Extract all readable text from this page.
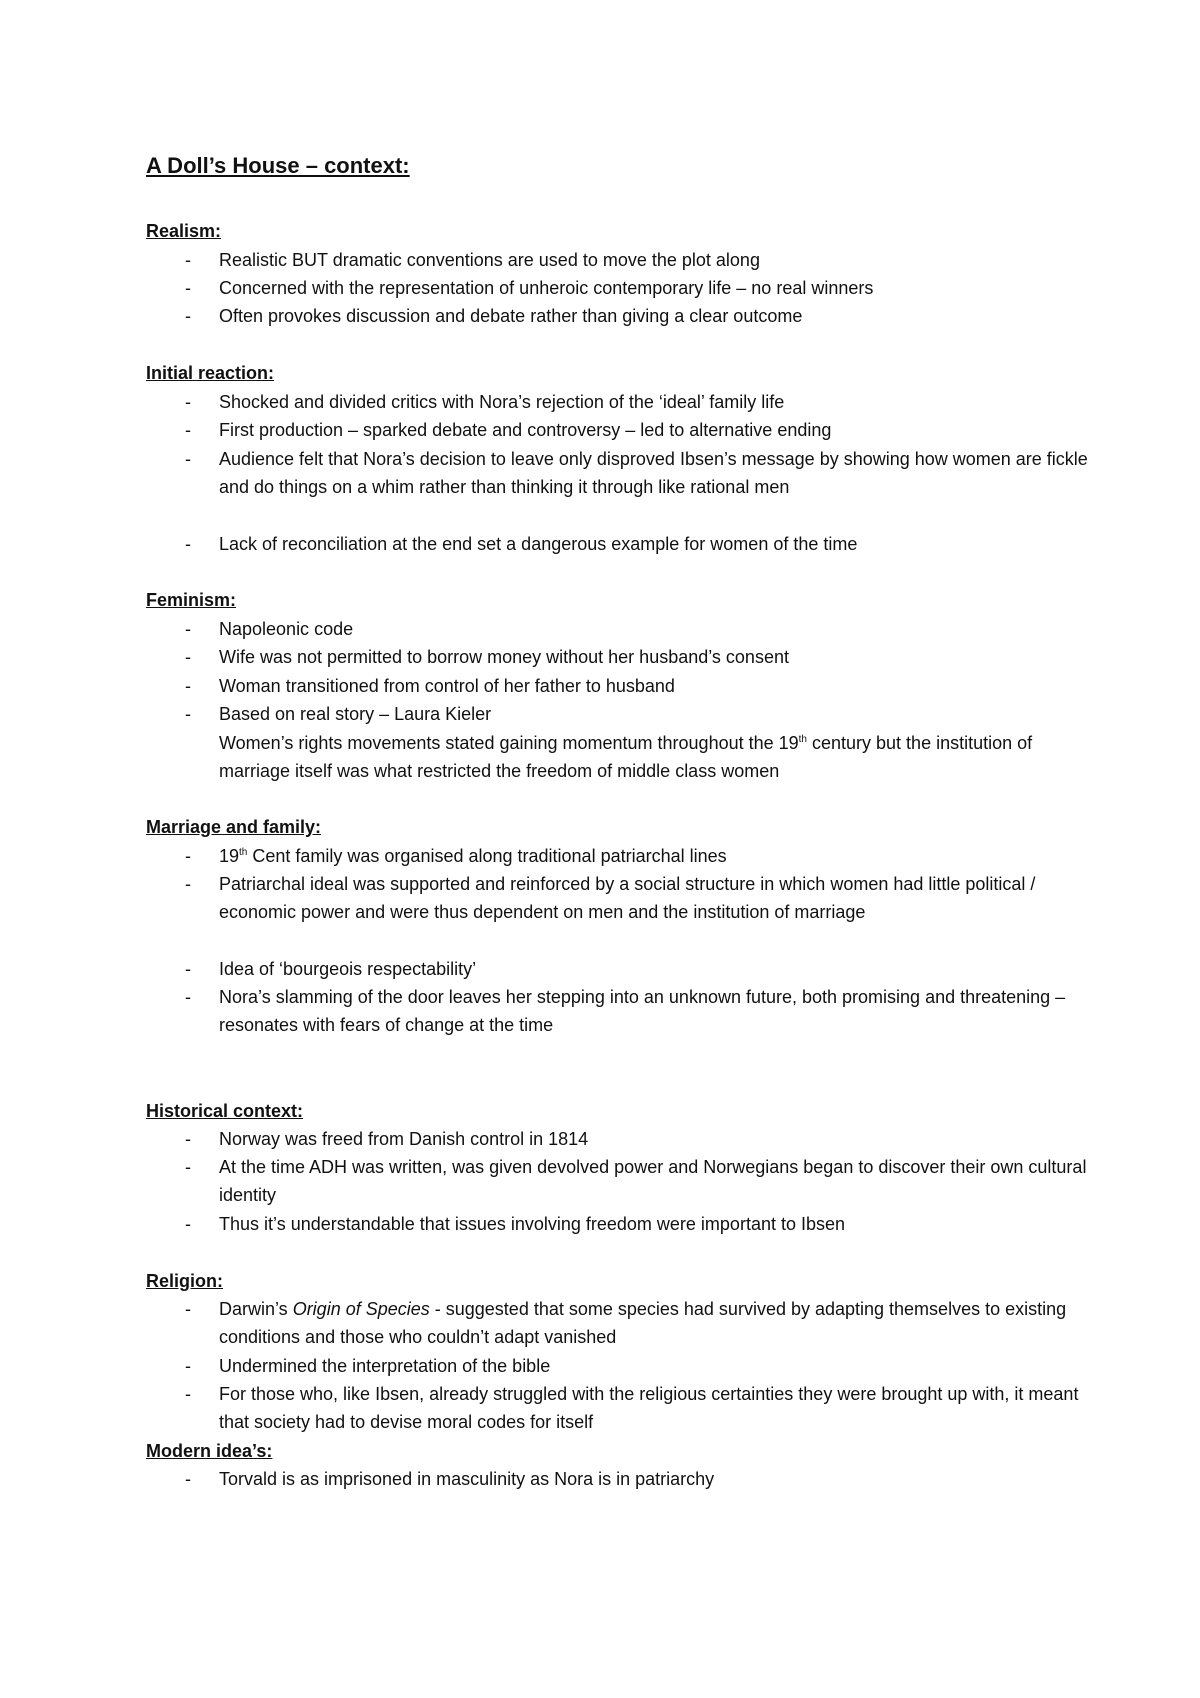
A Doll’s House – context:
Realism:
- Realistic BUT dramatic conventions are used to move the plot along
- Concerned with the representation of unheroic contemporary life – no real winners
- Often provokes discussion and debate rather than giving a clear outcome
Initial reaction:
- Shocked and divided critics with Nora’s rejection of the ‘ideal’ family life
- First production – sparked debate and controversy – led to alternative ending
- Audience felt that Nora’s decision to leave only disproved Ibsen’s message by showing how women are fickle and do things on a whim rather than thinking it through like rational men
- Lack of reconciliation at the end set a dangerous example for women of the time
Feminism:
- Napoleonic code
- Wife was not permitted to borrow money without her husband’s consent
- Woman transitioned from control of her father to husband
- Based on real story – Laura Kieler
Women’s rights movements stated gaining momentum throughout the 19th century but the institution of marriage itself was what restricted the freedom of middle class women
Marriage and family:
- 19th Cent family was organised along traditional patriarchal lines
- Patriarchal ideal was supported and reinforced by a social structure in which women had little political / economic power and were thus dependent on men and the institution of marriage
- Idea of ‘bourgeois respectability’
- Nora’s slamming of the door leaves her stepping into an unknown future, both promising and threatening – resonates with fears of change at the time
Historical context:
- Norway was freed from Danish control in 1814
- At the time ADH was written, was given devolved power and Norwegians began to discover their own cultural identity
- Thus it’s understandable that issues involving freedom were important to Ibsen
Religion:
- Darwin’s Origin of Species - suggested that some species had survived by adapting themselves to existing conditions and those who couldn’t adapt vanished
- Undermined the interpretation of the bible
- For those who, like Ibsen, already struggled with the religious certainties they were brought up with, it meant that society had to devise moral codes for itself
Modern idea’s:
- Torvald is as imprisoned in masculinity as Nora is in patriarchy
